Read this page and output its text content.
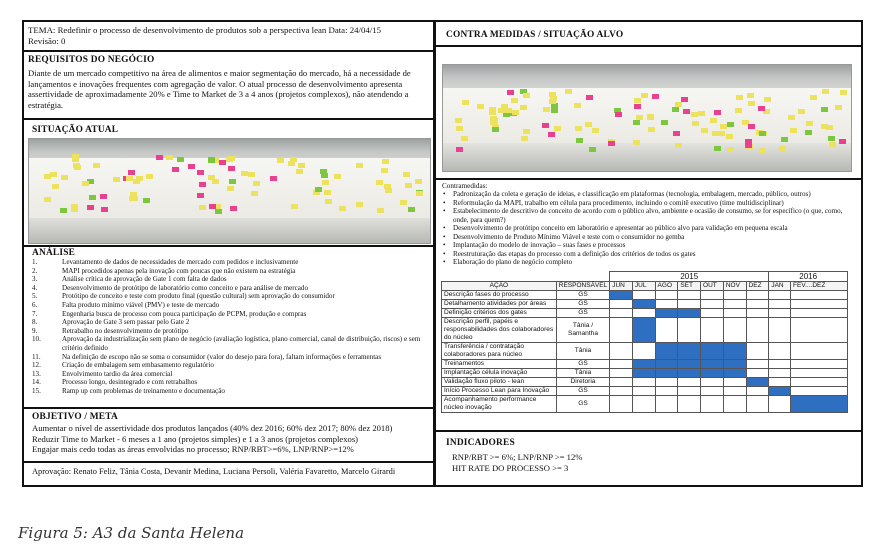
TEMA: Redefinir o processo de desenvolvimento de produtos sob a perspectiva lean Data: 24/04/15
Revisão: 0
REQUISITOS DO NEGÓCIO
Diante de um mercado competitivo na área de alimentos e maior segmentação do mercado, há a necessidade de lançamentos e inovações frequentes com agregação de valor. O atual processo de desenvolvimento apresenta assertividade de aproximadamente 20% e Time to Market de 3 a 4 anos (projetos complexos), não atendendo a estratégia.
SITUAÇÃO ATUAL
ANÁLISE
1.	Levantamento de dados de necessidades de mercado com pedidos e inclusivamente
2.	MAPI procedidos apenas pela inovação com poucas que não existem na estratégia
3.	Análise crítica de aprovação de Gate 1 com falta de dados
4.	Desenvolvimento de protótipo de laboratório como conceito e para análise de mercado
5.	Protótipo de conceito e teste com produto final (questão cultural) sem aprovação do consumidor
6.	Falta produto mínimo viável (PMV) e teste de mercado
7.	Engenharia busca de processo com pouca participação de PCPM, produção e compras
8.	Aprovação de Gate 3 sem passar pelo Gate 2
9.	Retrabalho no desenvolvimento de protótipo
10.	Aprovação da industrialização sem plano de negócio (avaliação logística, plano comercial, canal de distribuição, riscos) e sem critério definido
11.	Na definição de escopo não se soma o consumidor (valor do desejo para fora), faltam informações e ferramentas
12.	Criação de embalagem sem embasamento regulatório
13.	Envolvimento tardio da área comercial
14.	Processo longo, desintegrado e com retrabalhos
15.	Ramp up com problemas de treinamento e documentação
OBJETIVO / META
Aumentar o nível de assertividade dos produtos lançados (40% dez 2016; 60% dez 2017; 80% dez 2018)
Reduzir Time to Market - 6 meses a 1 ano (projetos simples) e 1 a 3 anos (projetos complexos)
Engajar mais cedo todas as áreas envolvidas no processo; RNP/RBT>=6%, LNP/RNP>=12%
Aprovação: Renato Feliz, Tânia Costa, Devanir Medina, Luciana Persoli, Valéria Favaretto, Marcelo Girardi
CONTRA MEDIDAS / SITUAÇÃO ALVO
Contramedidas:
• Padronização da coleta e geração de ideias, e classificação em plataformas (tecnologia, embalagem, mercado, público, outros)
• Reformulação da MAPI, trabalho em célula para procedimento, incluindo o comitê executivo (time multidisciplinar)
• Estabelecimento de descritivo de conceito de acordo com o público alvo, ambiente e ocasião de consumo, se for específico (o que, como, onde, para quem?)
• Desenvolvimento de protótipo conceito em laboratório e apresentar ao público alvo para validação em pequena escala
• Desenvolvimento de Produto Mínimo Viável e teste com o consumidor no gemba
• Implantação do modelo de inovação – suas fases e processos
• Reestruturação das etapas do processo com a definição dos critérios de todos os gates
• Elaboração do plano de negócio completo
INDICADORES
RNP/RBT >= 6%; LNP/RNP >= 12%
HIT RATE DO PROCESSO >= 3
		2015							2016	
AÇÃO	RESPONSÁVEL	JUN	JUL	AGO	SET	OUT	NOV	DEZ	JAN	FEV....DEZ
Descrição fases do processo	GS									
Detalhamento atividades por áreas	GS									
Definição critérios dos gates	GS									
Descrição perfil, papéis e responsabilidades dos colaboradores do núcleo	Tânia / Samantha									
Transferência / contratação colaboradores para núcleo	Tânia									
Treinamentos	GS									
Implantação célula inovação	Tânia									
Validação fluxo piloto - lean	Diretoria									
Início Processo Lean para Inovação	GS									
Acompanhamento performance núcleo inovação	GS									
Figura 5: A3 da Santa Helena
